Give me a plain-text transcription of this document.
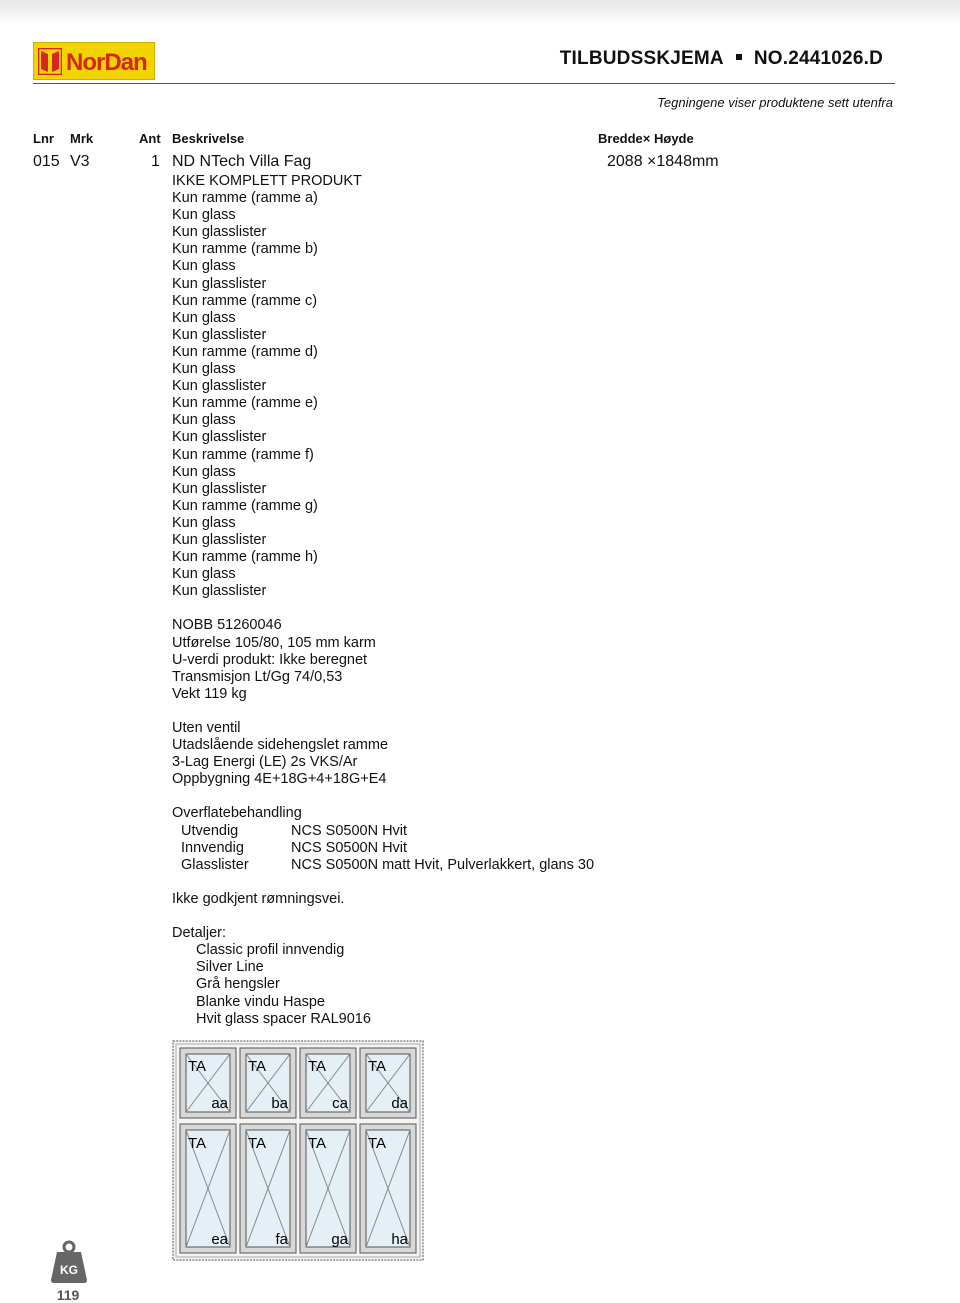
NorDan	TILBUDSSKJEMA NO.2441026.D
Tegningene viser produktene sett utenfra
Lnr Mrk	Ant Beskrivelse	Bredde× Høyde
015 V3	1 ND NTech Villa Fag	2088 ×1848mm
IKKE KOMPLETT PRODUKT
Kun ramme (ramme a)
Kun glass
Kun glasslister
Kun ramme (ramme b)
Kun glass
Kun glasslister
Kun ramme (ramme c)
Kun glass
Kun glasslister
Kun ramme (ramme d)
Kun glass
Kun glasslister
Kun ramme (ramme e)
Kun glass
Kun glasslister
Kun ramme (ramme f)
Kun glass
Kun glasslister
Kun ramme (ramme g)
Kun glass
Kun glasslister
Kun ramme (ramme h)
Kun glass
Kun glasslister
NOBB 51260046
Utførelse 105/80, 105 mm karm
U-verdi produkt: Ikke beregnet
Transmisjon Lt/Gg 74/0,53
Vekt 119 kg
Uten ventil
Utadslående sidehengslet ramme
3-Lag Energi (LE) 2s VKS/Ar
Oppbygning 4E+18G+4+18G+E4
Overflatebehandling
Utvendig	NCS S0500N Hvit
Innvendig	NCS S0500N Hvit
Glasslister	NCS S0500N matt Hvit, Pulverlakkert, glans 30
Ikke godkjent rømningsvei.
Detaljer:
Classic profil innvendig
Silver Line
Grå hengsler
Blanke vindu Haspe
Hvit glass spacer RAL9016
TA
aa
TA
ba
TA
ca
TA
da
TA
ea
TA
fa
TA
ga
TA
ha
KG
119
